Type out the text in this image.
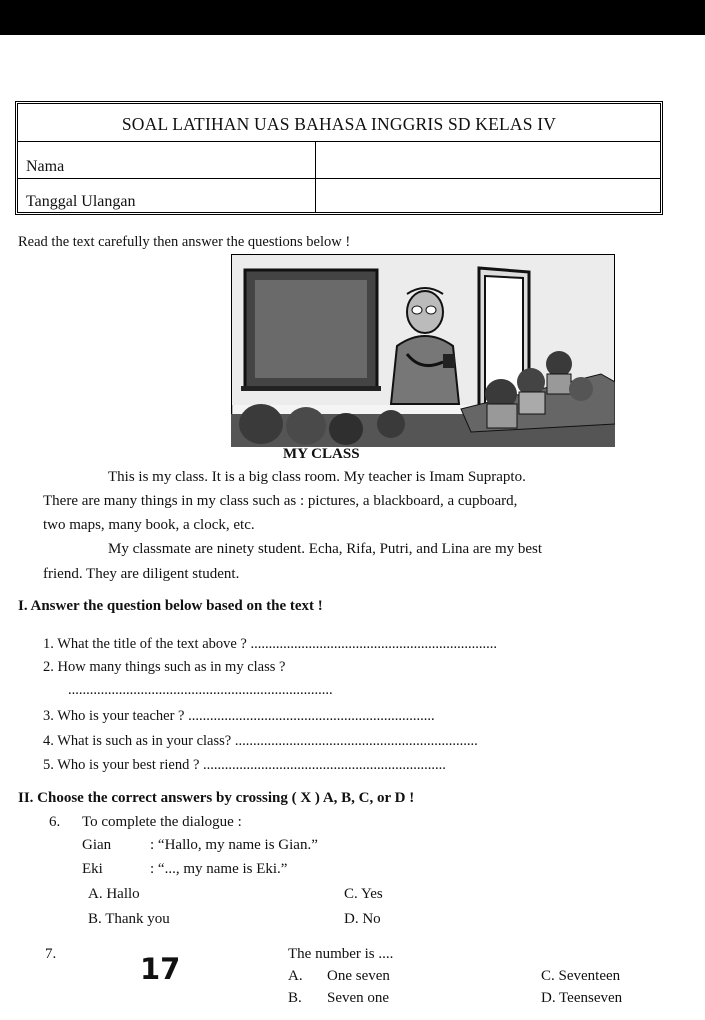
SOAL LATIHAN UAS BAHASA INGGRIS SD KELAS IV
Nama
Tanggal Ulangan
Read the text carefully then answer the questions below !
MY CLASS
This is my class. It is a big class room. My teacher is Imam Suprapto.
There are many things in my class such as : pictures, a blackboard, a cupboard,
two maps, many book, a clock, etc.
My classmate are ninety student. Echa, Rifa, Putri, and Lina are my best
friend. They are diligent student.
I. Answer the question below based on the text !
1. What the title of the text above ? ....................................................................
2. How many things such as in my class ?
.........................................................................
3. Who is your teacher ? ....................................................................
4. What is such as in your class? ...................................................................
5. Who is your best riend ? ...................................................................
II. Choose the correct answers by crossing ( X ) A, B, C, or D !
6. To complete the dialogue :
Gian	: “Hallo, my name is Gian.”
Eki	: “..., my name is Eki.”
A. Hallo	C. Yes
B. Thank you	D. No
7.	17	The number is ....
A. One seven	C. Seventeen
B. Seven one	D. Teenseven
